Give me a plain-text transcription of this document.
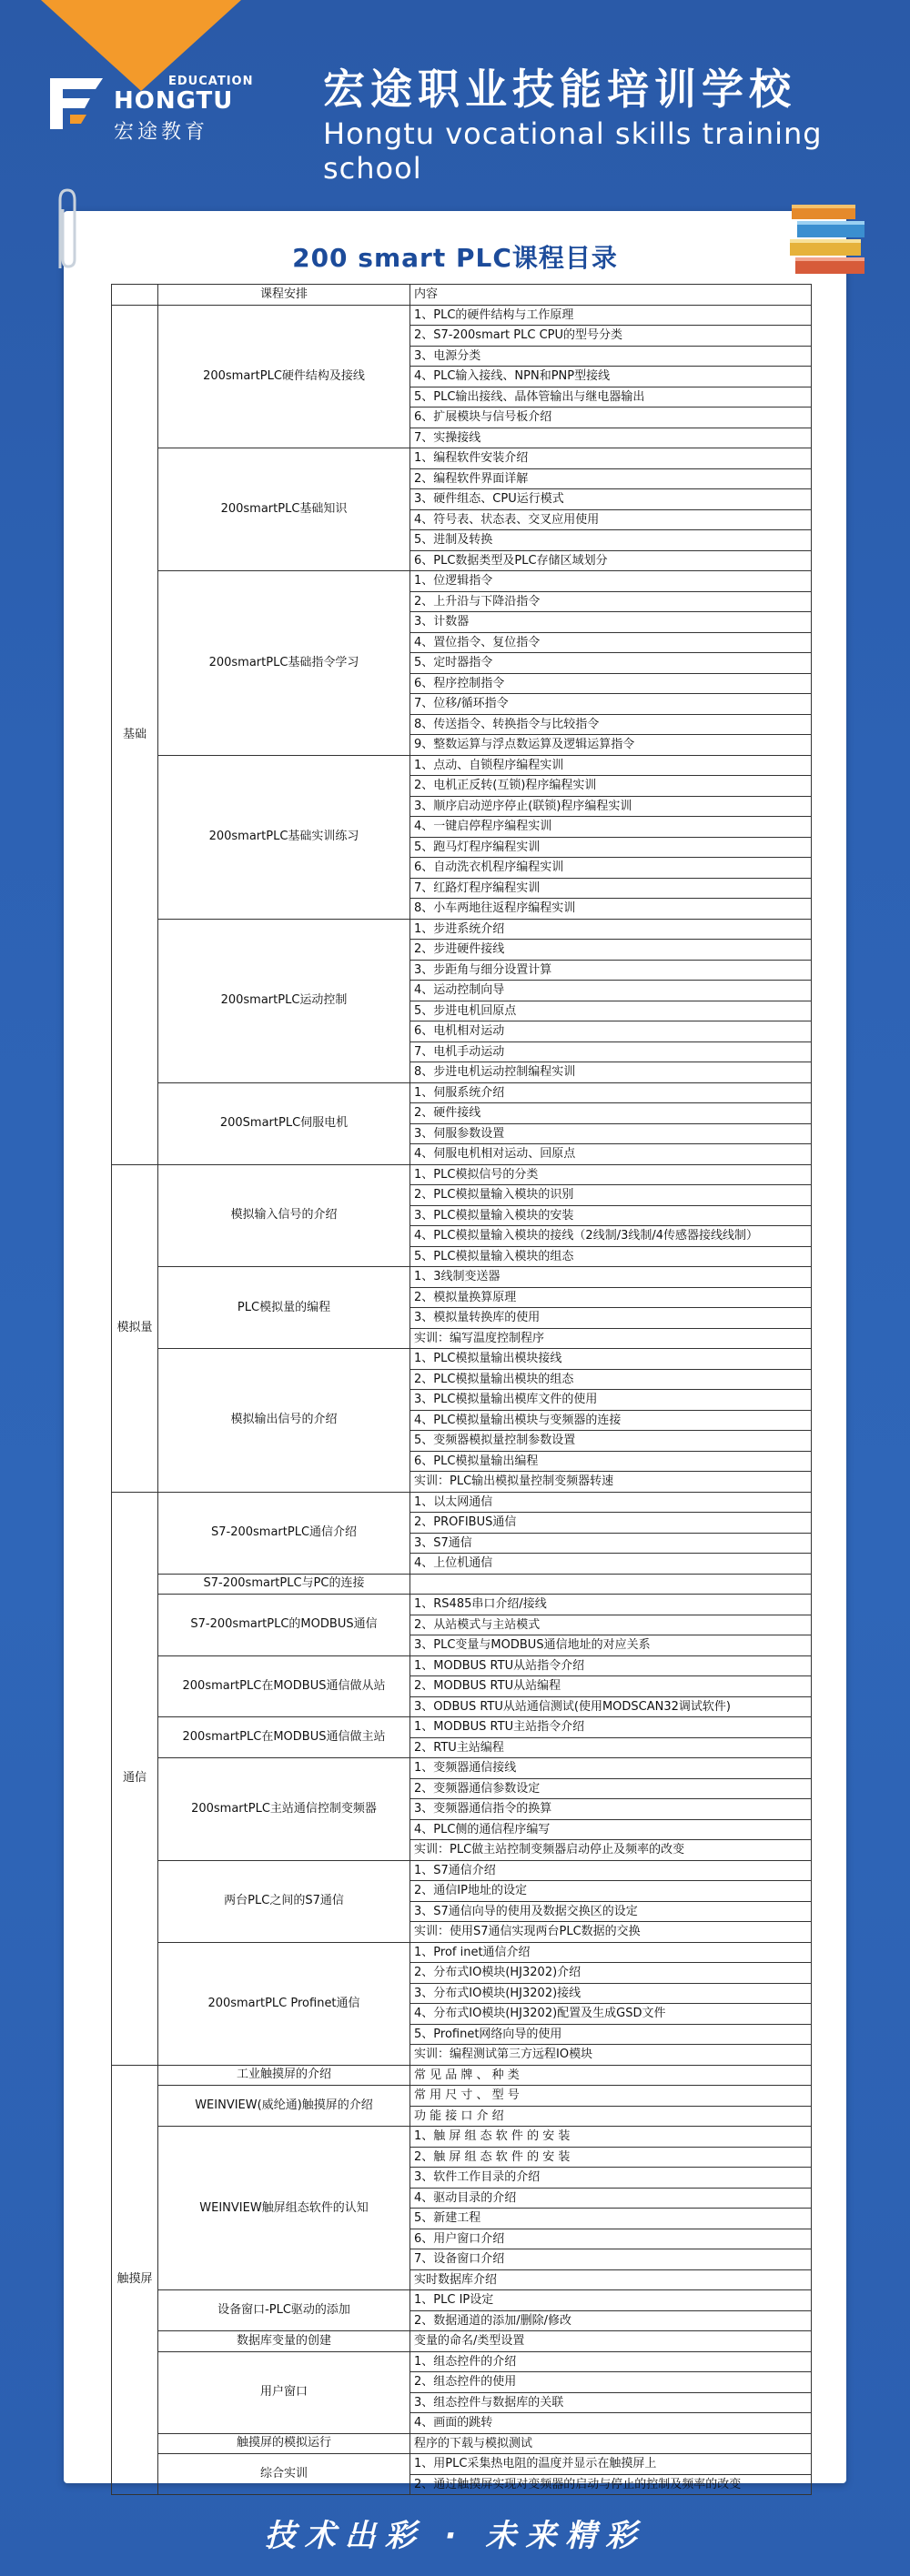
EDUCATION
HONGTU
宏途教育
宏途职业技能培训学校
Hongtu vocational skills training school
200 smart PLC课程目录
	课程安排	内容
基础	200smartPLC硬件结构及接线	1、PLC的硬件结构与工作原理
		2、S7-200smart PLC CPU的型号分类
		3、电源分类
		4、PLC输入接线、NPN和PNP型接线
		5、PLC输出接线、晶体管输出与继电器输出
		6、扩展模块与信号板介绍
		7、实操接线
	200smartPLC基础知识	1、编程软件安装介绍
		2、编程软件界面详解
		3、硬件组态、CPU运行模式
		4、符号表、状态表、交叉应用使用
		5、进制及转换
		6、PLC数据类型及PLC存储区域划分
	200smartPLC基础指令学习	1、位逻辑指令
		2、上升沿与下降沿指令
		3、计数器
		4、置位指令、复位指令
		5、定时器指令
		6、程序控制指令
		7、位移/循环指令
		8、传送指令、转换指令与比较指令
		9、整数运算与浮点数运算及逻辑运算指令
	200smartPLC基础实训练习	1、点动、自锁程序编程实训
		2、电机正反转(互锁)程序编程实训
		3、顺序启动逆序停止(联锁)程序编程实训
		4、一键启停程序编程实训
		5、跑马灯程序编程实训
		6、自动洗衣机程序编程实训
		7、红路灯程序编程实训
		8、小车两地往返程序编程实训
	200smartPLC运动控制	1、步进系统介绍
		2、步进硬件接线
		3、步距角与细分设置计算
		4、运动控制向导
		5、步进电机回原点
		6、电机相对运动
		7、电机手动运动
		8、步进电机运动控制编程实训
	200SmartPLC伺服电机	1、伺服系统介绍
		2、硬件接线
		3、伺服参数设置
		4、伺服电机相对运动、回原点
模拟量	模拟输入信号的介绍	1、PLC模拟信号的分类
		2、PLC模拟量输入模块的识别
		3、PLC模拟量输入模块的安装
		4、PLC模拟量输入模块的接线（2线制/3线制/4传感器接线线制）
		5、PLC模拟量输入模块的组态
	PLC模拟量的编程	1、3线制变送器
		2、模拟量换算原理
		3、模拟量转换库的使用
		实训：编写温度控制程序
	模拟输出信号的介绍	1、PLC模拟量输出模块接线
		2、PLC模拟量输出模块的组态
		3、PLC模拟量输出模库文件的使用
		4、PLC模拟量输出模块与变频器的连接
		5、变频器模拟量控制参数设置
		6、PLC模拟量输出编程
		实训：PLC输出模拟量控制变频器转速
通信	S7-200smartPLC通信介绍	1、以太网通信
		2、PROFIBUS通信
		3、S7通信
		4、上位机通信
	S7-200smartPLC与PC的连接	
	S7-200smartPLC的MODBUS通信	1、RS485串口介绍/接线
		2、从站模式与主站模式
		3、PLC变量与MODBUS通信地址的对应关系
	200smartPLC在MODBUS通信做从站	1、MODBUS RTU从站指令介绍
		2、MODBUS RTU从站编程
		3、ODBUS RTU从站通信测试(使用MODSCAN32调试软件)
	200smartPLC在MODBUS通信做主站	1、MODBUS RTU主站指令介绍
		2、RTU主站编程
	200smartPLC主站通信控制变频器	1、变频器通信接线
		2、变频器通信参数设定
		3、变频器通信指令的换算
		4、PLC侧的通信程序编写
		实训：PLC做主站控制变频器启动停止及频率的改变
	两台PLC之间的S7通信	1、S7通信介绍
		2、通信IP地址的设定
		3、S7通信向导的使用及数据交换区的设定
		实训：使用S7通信实现两台PLC数据的交换
	200smartPLC Profinet通信	1、Prof inet通信介绍
		2、分布式IO模块(HJ3202)介绍
		3、分布式IO模块(HJ3202)接线
		4、分布式IO模块(HJ3202)配置及生成GSD文件
		5、Profinet网络向导的使用
		实训：编程测试第三方远程IO模块
触摸屏	工业触摸屏的介绍	常 见 品 牌 、 种 类
	WEINVIEW(威纶通)触摸屏的介绍	常 用 尺 寸 、 型 号
		功 能 接 口 介 绍
	WEINVIEW触屏组态软件的认知	1、触 屏 组 态 软 件 的 安 装
		2、触 屏 组 态 软 件 的 安 装
		3、软件工作目录的介绍
		4、驱动目录的介绍
		5、新建工程
		6、用户窗口介绍
		7、设备窗口介绍
		实时数据库介绍
	设备窗口-PLC驱动的添加	1、PLC IP设定
		2、数据通道的添加/删除/修改
	数据库变量的创建	变量的命名/类型设置
	用户窗口	1、组态控件的介绍
		2、组态控件的使用
		3、组态控件与数据库的关联
		4、画面的跳转
	触摸屏的模拟运行	程序的下载与模拟测试
	综合实训	1、用PLC采集热电阻的温度并显示在触摸屏上
		2、通过触摸屏实现对变频器的启动与停止的控制及频率的改变
技术出彩 · 未来精彩
